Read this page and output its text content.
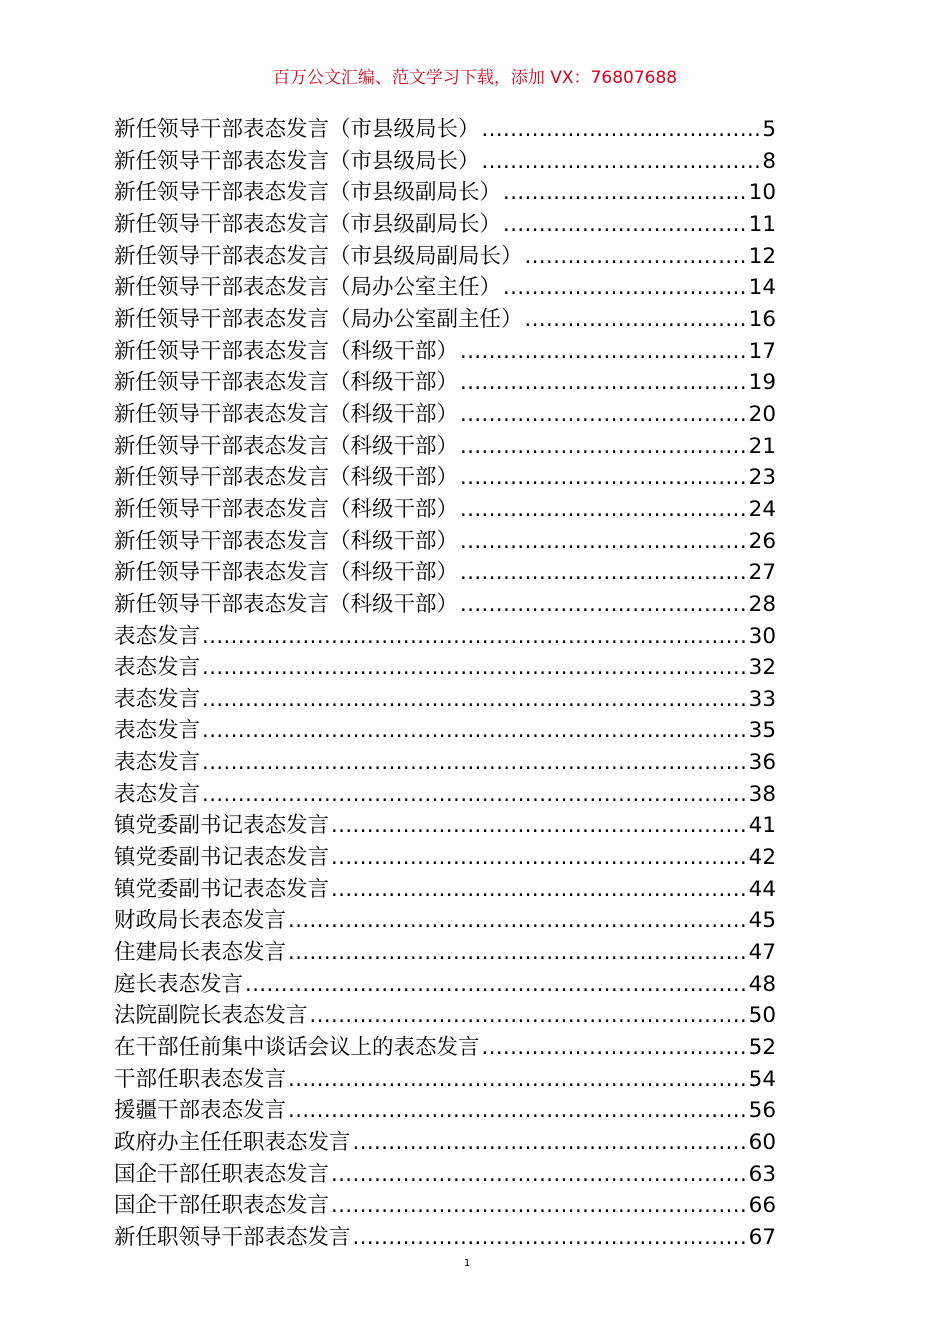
百万公文汇编、范文学习下载，添加 VX：76807688
新任领导干部表态发言（市县级局长） .....	5
新任领导干部表态发言（市县级局长） .....	8
新任领导干部表态发言（市县级副局长） .....	10
新任领导干部表态发言（市县级副局长） .....	11
新任领导干部表态发言（市县级局副局长） .....	12
新任领导干部表态发言（局办公室主任） .....	14
新任领导干部表态发言（局办公室副主任） .....	16
新任领导干部表态发言（科级干部） .....	17
新任领导干部表态发言（科级干部） .....	19
新任领导干部表态发言（科级干部） .....	20
新任领导干部表态发言（科级干部） .....	21
新任领导干部表态发言（科级干部） .....	23
新任领导干部表态发言（科级干部） .....	24
新任领导干部表态发言（科级干部） .....	26
新任领导干部表态发言（科级干部） .....	27
新任领导干部表态发言（科级干部） .....	28
表态发言 .....	30
表态发言 .....	32
表态发言 .....	33
表态发言 .....	35
表态发言 .....	36
表态发言 .....	38
镇党委副书记表态发言 .....	41
镇党委副书记表态发言 .....	42
镇党委副书记表态发言 .....	44
财政局长表态发言 .....	45
住建局长表态发言 .....	47
庭长表态发言 .....	48
法院副院长表态发言 .....	50
在干部任前集中谈话会议上的表态发言 .....	52
干部任职表态发言 .....	54
援疆干部表态发言 .....	56
政府办主任任职表态发言 .....	60
国企干部任职表态发言 .....	63
国企干部任职表态发言 .....	66
新任职领导干部表态发言 .....	67
1
